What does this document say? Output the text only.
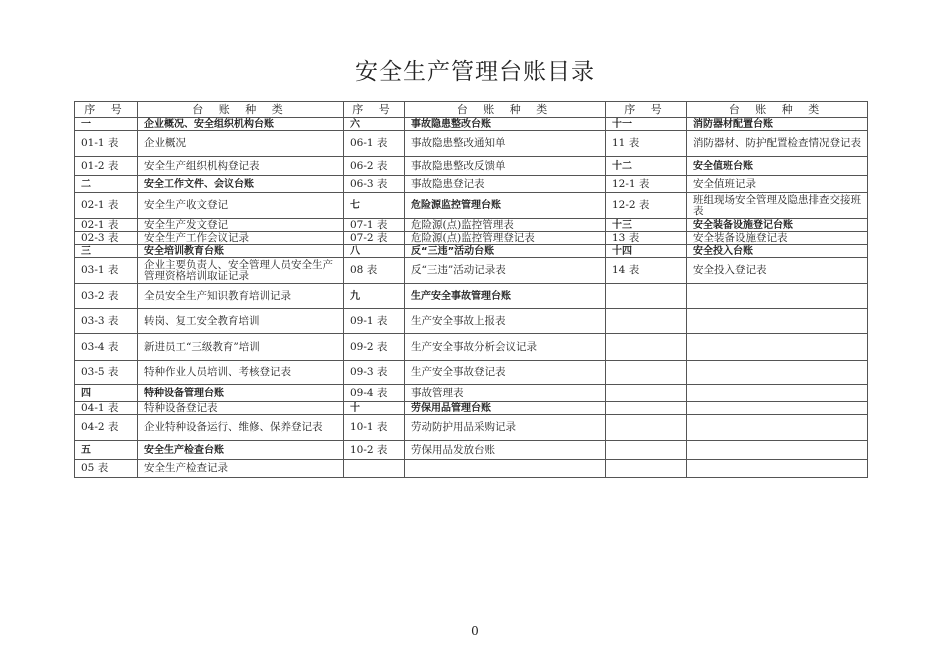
安全生产管理台账目录
序 号	台 账 种 类	序 号	台 账 种 类	序 号	台 账 种 类
一	企业概况、安全组织机构台账	六	事故隐患整改台账	十一	消防器材配置台账
01-1 表	企业概况	06-1 表	事故隐患整改通知单	11 表	消防器材、防护配置检查情况登记表
01-2 表	安全生产组织机构登记表	06-2 表	事故隐患整改反馈单	十二	安全值班台账
二	安全工作文件、会议台账	06-3 表	事故隐患登记表	12-1 表	安全值班记录
02-1 表	安全生产收文登记	七	危险源监控管理台账	12-2 表	班组现场安全管理及隐患排查交接班表
02-1 表	安全生产发文登记	07-1 表	危险源(点)监控管理表	十三	安全装备设施登记台账
02-3 表	安全生产工作会议记录	07-2 表	危险源(点)监控管理登记表	13 表	安全装备设施登记表
三	安全培训教育台账	八	反“三违”活动台账	十四	安全投入台账
03-1 表	企业主要负责人、安全管理人员安全生产管理资格培训取证记录	08 表	反“三违”活动记录表	14 表	安全投入登记表
03-2 表	全员安全生产知识教育培训记录	九	生产安全事故管理台账		
03-3 表	转岗、复工安全教育培训	09-1 表	生产安全事故上报表		
03-4 表	新进员工“三级教育”培训	09-2 表	生产安全事故分析会议记录		
03-5 表	特种作业人员培训、考核登记表	09-3 表	生产安全事故登记表		
四	特种设备管理台账	09-4 表	事故管理表		
04-1 表	特种设备登记表	十	劳保用品管理台账		
04-2 表	企业特种设备运行、维修、保养登记表	10-1 表	劳动防护用品采购记录		
五	安全生产检查台账	10-2 表	劳保用品发放台账		
05 表	安全生产检查记录				
0
